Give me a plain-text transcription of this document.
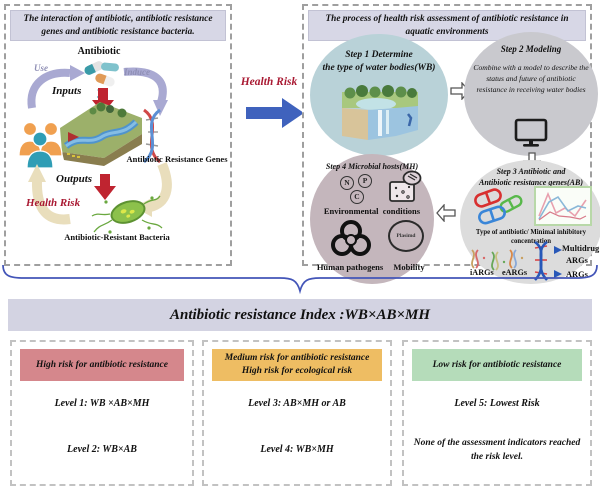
The interaction of antibiotic, antibiotic resistance genes and antibiotic resistance bacteria.
Antibiotic
Use	Induce
Inputs
Antibiotic Resistance Genes
Outputs
Health Risk
Antibiotic-Resistant Bacteria
Health Risk
The process of health risk assessment of antibiotic resistance in aquatic environments
Step 1 Determine
the type of water bodies(WB)
Step 2 Modeling
Combine with a model to describe the status and future of antibiotic resistance in receiving water bodies
Step 3 Antibiotic and
Antibiotic resistance genes(AB)
Type of antibiotic/ Minimal inhibitory concentration
Multidrug
ARGs
ARGs
iARGs	eARGs
Step 4 Microbial hosts(MH)
N	P
C
Environmental  conditions
Plasimd
Human pathogens	Mobility
Antibiotic resistance Index :WB×AB×MH
High risk for antibiotic resistance
Level 1: WB ×AB×MH
Level 2: WB×AB
Medium risk for antibiotic resistance
High risk for ecological risk
Level 3: AB×MH or AB
Level 4: WB×MH
Low risk for antibiotic resistance
Level 5: Lowest Risk
None of the assessment indicators reached the risk level.
